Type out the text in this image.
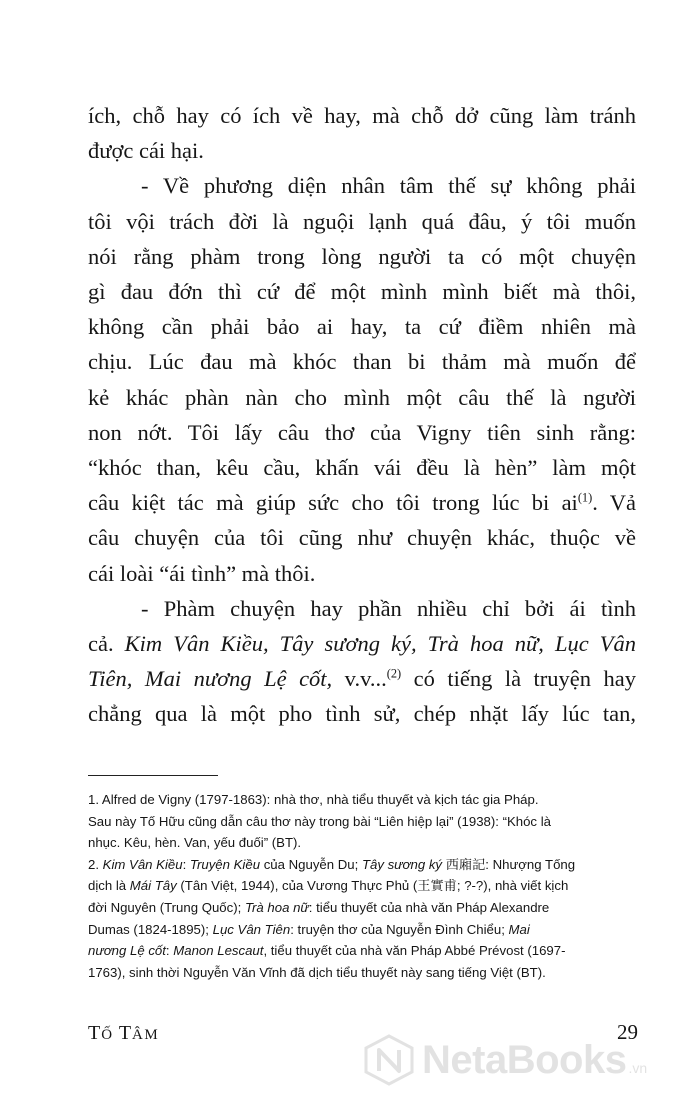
ích, chỗ hay có ích về hay, mà chỗ dở cũng làm tránh
được cái hại.
- Về phương diện nhân tâm thế sự không phải
tôi vội trách đời là nguội lạnh quá đâu, ý tôi muốn
nói rằng phàm trong lòng người ta có một chuyện
gì đau đớn thì cứ để một mình mình biết mà thôi,
không cần phải bảo ai hay, ta cứ điềm nhiên mà
chịu. Lúc đau mà khóc than bi thảm mà muốn để
kẻ khác phàn nàn cho mình một câu thế là người
non nớt. Tôi lấy câu thơ của Vigny tiên sinh rằng:
“khóc than, kêu cầu, khấn vái đều là hèn” làm một
câu kiệt tác mà giúp sức cho tôi trong lúc bi $ai^{(1)}$. Vả
câu chuyện của tôi cũng như chuyện khác, thuộc về
cái loài “ái tình” mà thôi.
- Phàm chuyện hay phần nhiều chỉ bởi ái tình
cả. Kim Vân Kiều, Tây sương ký, Trà hoa nữ, Lục Vân
Tiên, Mai nương Lệ cốt, v.v...$^{(2)}$ có tiếng là truyện hay
chẳng qua là một pho tình sử, chép nhặt lấy lúc tan,
1. Alfred de Vigny (1797-1863): nhà thơ, nhà tiểu thuyết và kịch tác gia Pháp.
Sau này Tố Hữu cũng dẫn câu thơ này trong bài “Liên hiệp lại” (1938): “Khóc là
nhục. Kêu, hèn. Van, yếu đuối” (BT).
2. Kim Vân Kiều: Truyện Kiều của Nguyễn Du; Tây sương ký 西廂記: Nhượng Tống
dịch là Mái Tây (Tân Việt, 1944), của Vương Thực Phủ (王實甫; ?-?), nhà viết kịch
đời Nguyên (Trung Quốc); Trà hoa nữ: tiểu thuyết của nhà văn Pháp Alexandre
Dumas (1824-1895); Lục Vân Tiên: truyện thơ của Nguyễn Đình Chiểu; Mai
nương Lệ cốt: Manon Lescaut, tiểu thuyết của nhà văn Pháp Abbé Prévost (1697-
1763), sinh thời Nguyễn Văn Vĩnh đã dịch tiểu thuyết này sang tiếng Việt (BT).
TỐ TÂM	29
NetaBooks .vn
